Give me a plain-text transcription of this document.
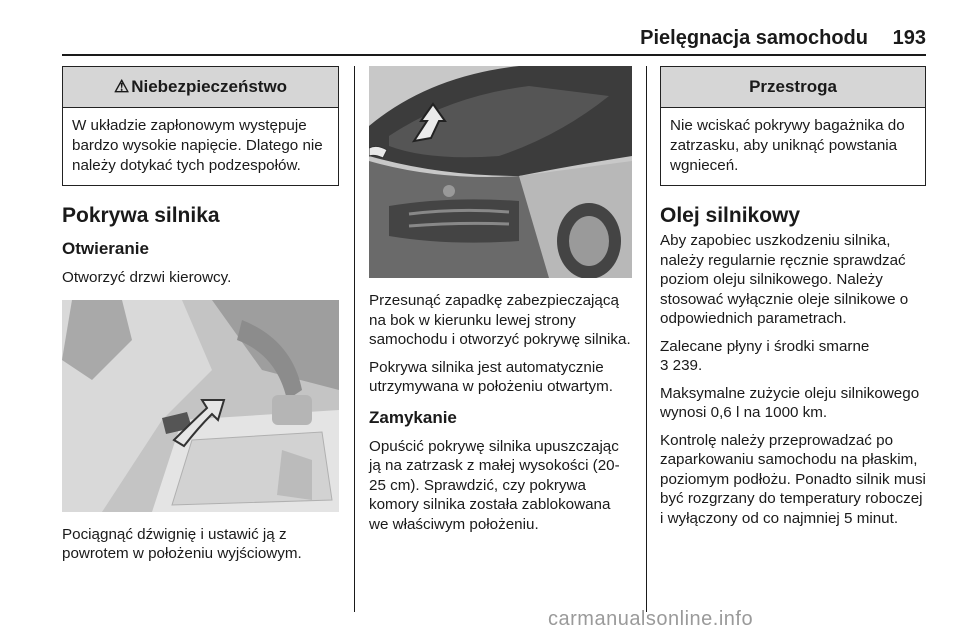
Pielęgnacja samochodu 193
⚠ Niebezpieczeństwo
W układzie zapłonowym występuje bardzo wysokie napięcie. Dlatego nie należy dotykać tych podzespołów.
Pokrywa silnika
Otwieranie

Otworzyć drzwi kierowcy.

Pociągnąć dźwignię i ustawić ją z powrotem w położeniu wyjściowym.

Przesunąć zapadkę zabezpieczającą na bok w kierunku lewej strony samochodu i otworzyć pokrywę silnika.

Pokrywa silnika jest automatycznie utrzymywana w położeniu otwartym.

Zamykanie

Opuścić pokrywę silnika upuszczając ją na zatrzask z małej wysokości (20-25 cm). Sprawdzić, czy pokrywa komory silnika została zablokowana we właściwym położeniu.

Przestroga
Nie wciskać pokrywy bagażnika do zatrzasku, aby uniknąć powstania wgnieceń.
Olej silnikowy

Aby zapobiec uszkodzeniu silnika, należy regularnie ręcznie sprawdzać poziom oleju silnikowego. Należy stosować wyłącznie oleje silnikowe o odpowiednich parametrach.

Zalecane płyny i środki smarne
3 239.

Maksymalne zużycie oleju silnikowego wynosi 0,6 l na 1000 km.

Kontrolę należy przeprowadzać po zaparkowaniu samochodu na płaskim, poziomym podłożu. Ponadto silnik musi być rozgrzany do temperatury roboczej i wyłączony od co najmniej 5 minut.

carmanualsonline.info
